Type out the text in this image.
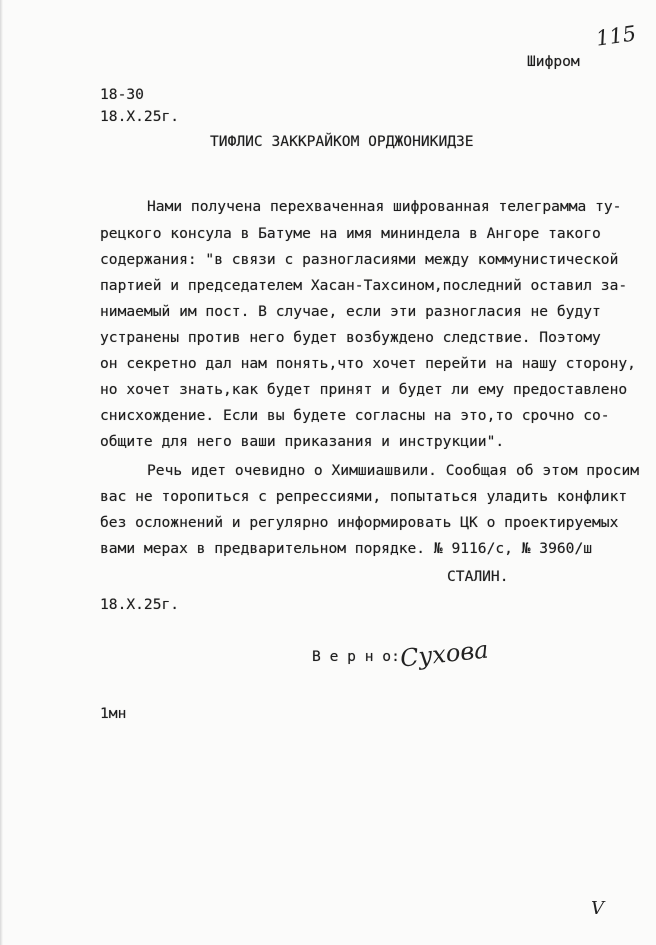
115
Шифром
18-30
18.Х.25г.
ТИФЛИС ЗАККРАЙКОМ ОРДЖОНИКИДЗЕ
Нами получена перехваченная шифрованная телеграмма ту-
рецкого консула в Батуме на имя мининдела в Ангоре такого
содержания: "в связи с разногласиями между коммунистической
партией и председателем Хасан-Тахсином,последний оставил за-
нимаемый им пост. В случае, если эти разногласия не будут
устранены против него будет возбуждено следствие. Поэтому
он секретно дал нам понять,что хочет перейти на нашу сторону,
но хочет знать,как будет принят и будет ли ему предоставлено
снисхождение. Если вы будете согласны на это,то срочно со-
общите для него ваши приказания и инструкции".
Речь идет очевидно о Химшиашвили. Сообщая об этом просим
вас не торопиться с репрессиями, попытаться уладить конфликт
без осложнений и регулярно информировать ЦК о проектируемых
вами мерах в предварительном порядке. № 9116/с, № 3960/ш
СТАЛИН.
18.Х.25г.
В е р н о:
Сухова
1мн
V
